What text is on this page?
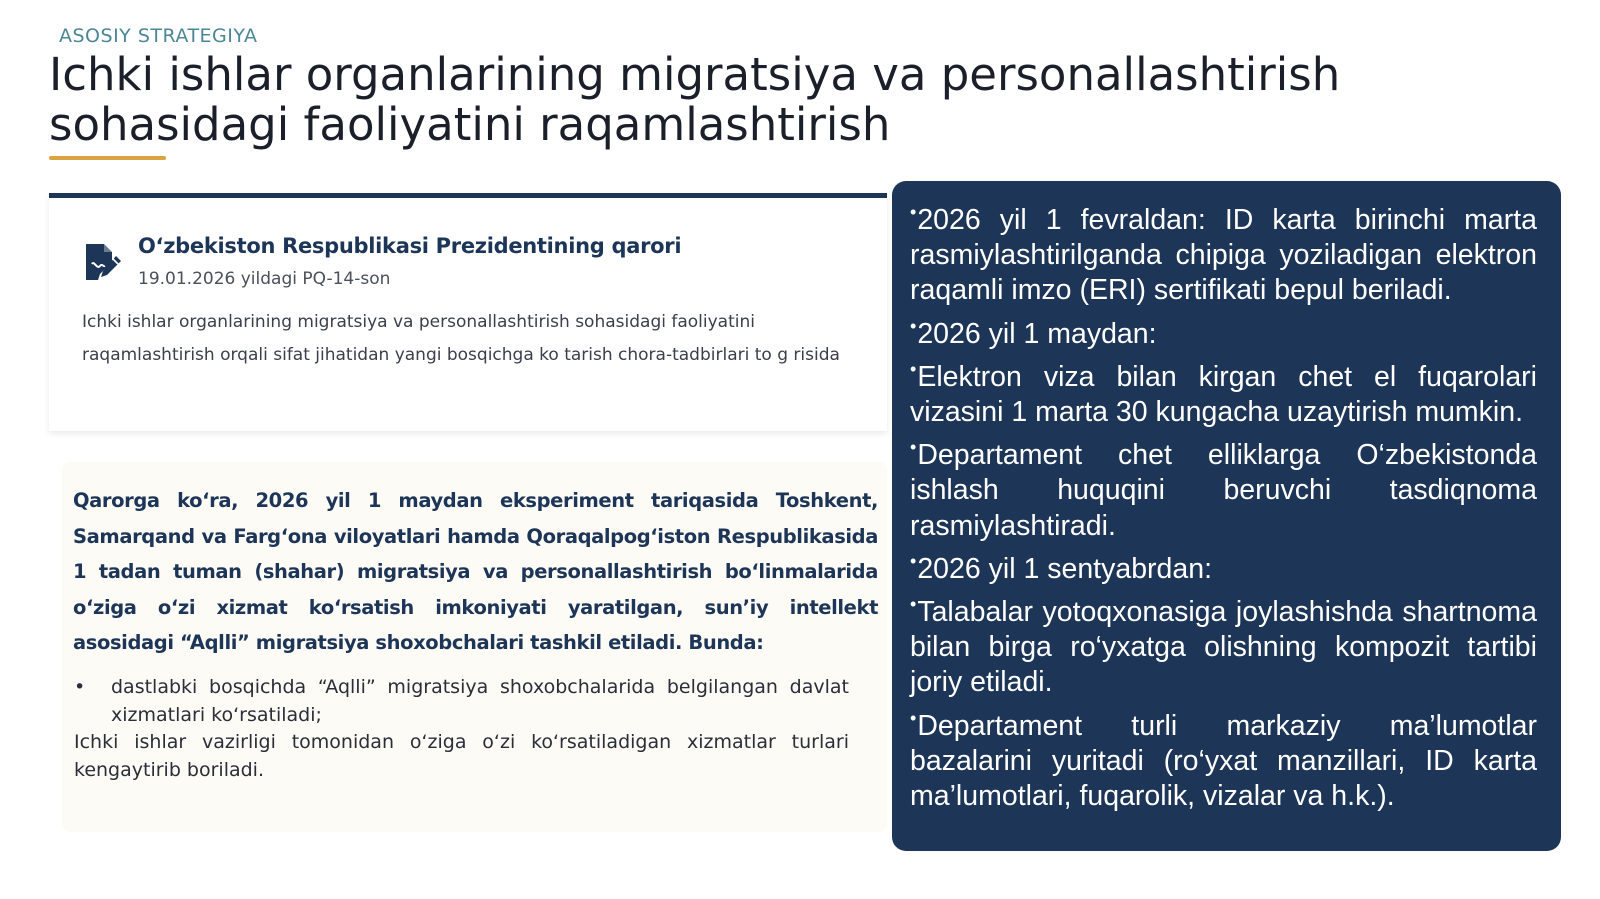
ASOSIY STRATEGIYA
Ichki ishlar organlarining migratsiya va personallashtirish
sohasidagi faoliyatini raqamlashtirish
O‘zbekiston Respublikasi Prezidentining qarori
19.01.2026 yildagi PQ-14-son
Ichki ishlar organlarining migratsiya va personallashtirish sohasidagi faoliyatini raqamlashtirish orqali sifat jihatidan yangi bosqichga ko tarish chora-tadbirlari to g risida
Qarorga ko‘ra, 2026 yil 1 maydan eksperiment tariqasida Toshkent, Samarqand va Farg‘ona viloyatlari hamda Qoraqalpog‘iston Respublikasida 1 tadan tuman (shahar) migratsiya va personallashtirish bo‘linmalarida o‘ziga o‘zi xizmat ko‘rsatish imkoniyati yaratilgan, sun’iy intellekt asosidagi “Aqlli” migratsiya shoxobchalari tashkil etiladi. Bunda:
• dastlabki bosqichda “Aqlli” migratsiya shoxobchalarida belgilangan davlat xizmatlari ko‘rsatiladi;
Ichki ishlar vazirligi tomonidan o‘ziga o‘zi ko‘rsatiladigan xizmatlar turlari kengaytirib boriladi.

•2026 yil 1 fevraldan: ID karta birinchi marta rasmiylashtirilganda chipiga yoziladigan elektron raqamli imzo (ERI) sertifikati bepul beriladi.

•2026 yil 1 maydan:

•Elektron viza bilan kirgan chet el fuqarolari vizasini 1 marta 30 kungacha uzaytirish mumkin.

•Departament chet elliklarga O‘zbekistonda ishlash huquqini beruvchi tasdiqnoma rasmiylashtiradi.

•2026 yil 1 sentyabrdan:

•Talabalar yotoqxonasiga joylashishda shartnoma bilan birga ro‘yxatga olishning kompozit tartibi joriy etiladi.

•Departament turli markaziy ma’lumotlar bazalarini yuritadi (ro‘yxat manzillari, ID karta ma’lumotlari, fuqarolik, vizalar va h.k.).
